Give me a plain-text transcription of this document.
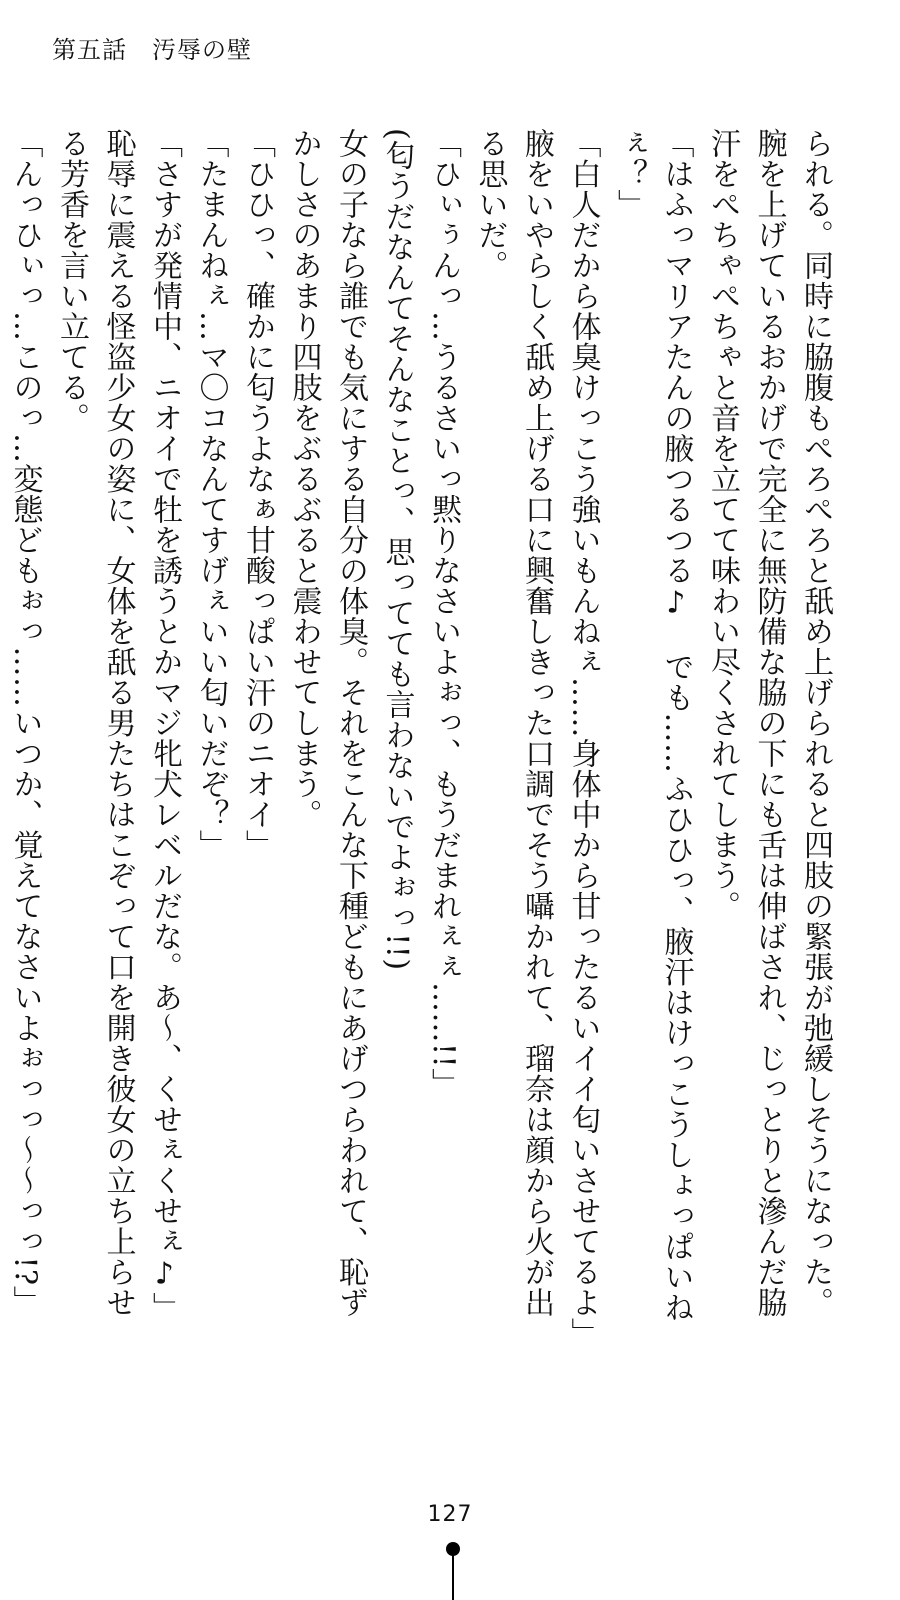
第五話　汚辱の壁
られる。同時に脇腹もぺろぺろと舐め上げられると四肢の緊張が弛緩しそうになった。
腕を上げているおかげで完全に無防備な脇の下にも舌は伸ばされ、じっとりと滲んだ脇
汗をぺちゃぺちゃと音を立てて味わい尽くされてしまう。
「はふっマリアたんの腋つるつる♪　でも……ふひひっ、腋汗はけっこうしょっぱいね
ぇ？」
「白人だから体臭けっこう強いもんねぇ……身体中から甘ったるいイイ匂いさせてるよ」
腋をいやらしく舐め上げる口に興奮しきった口調でそう囁かれて、瑠奈は顔から火が出
る思いだ。
「ひぃぅんっ…うるさいっ黙りなさいよぉっ、もうだまれぇぇ……!!」
(匂うだなんてそんなことっ、思ってても言わないでよぉっ!!)
女の子なら誰でも気にする自分の体臭。それをこんな下種どもにあげつらわれて、恥ず
かしさのあまり四肢をぶるぶると震わせてしまう。
「ひひっ、確かに匂うよなぁ甘酸っぱい汗のニオイ」
「たまんねぇ…マ〇コなんてすげぇいい匂いだぞ？」
「さすが発情中、ニオイで牡を誘うとかマジ牝犬レベルだな。あ～、くせぇくせぇ♪」
恥辱に震える怪盗少女の姿に、女体を舐る男たちはこぞって口を開き彼女の立ち上らせ
る芳香を言い立てる。
「んっひぃっ…このっ…変態どもぉっ……いつか、覚えてなさいよぉっっ～～っっ!?」
127
